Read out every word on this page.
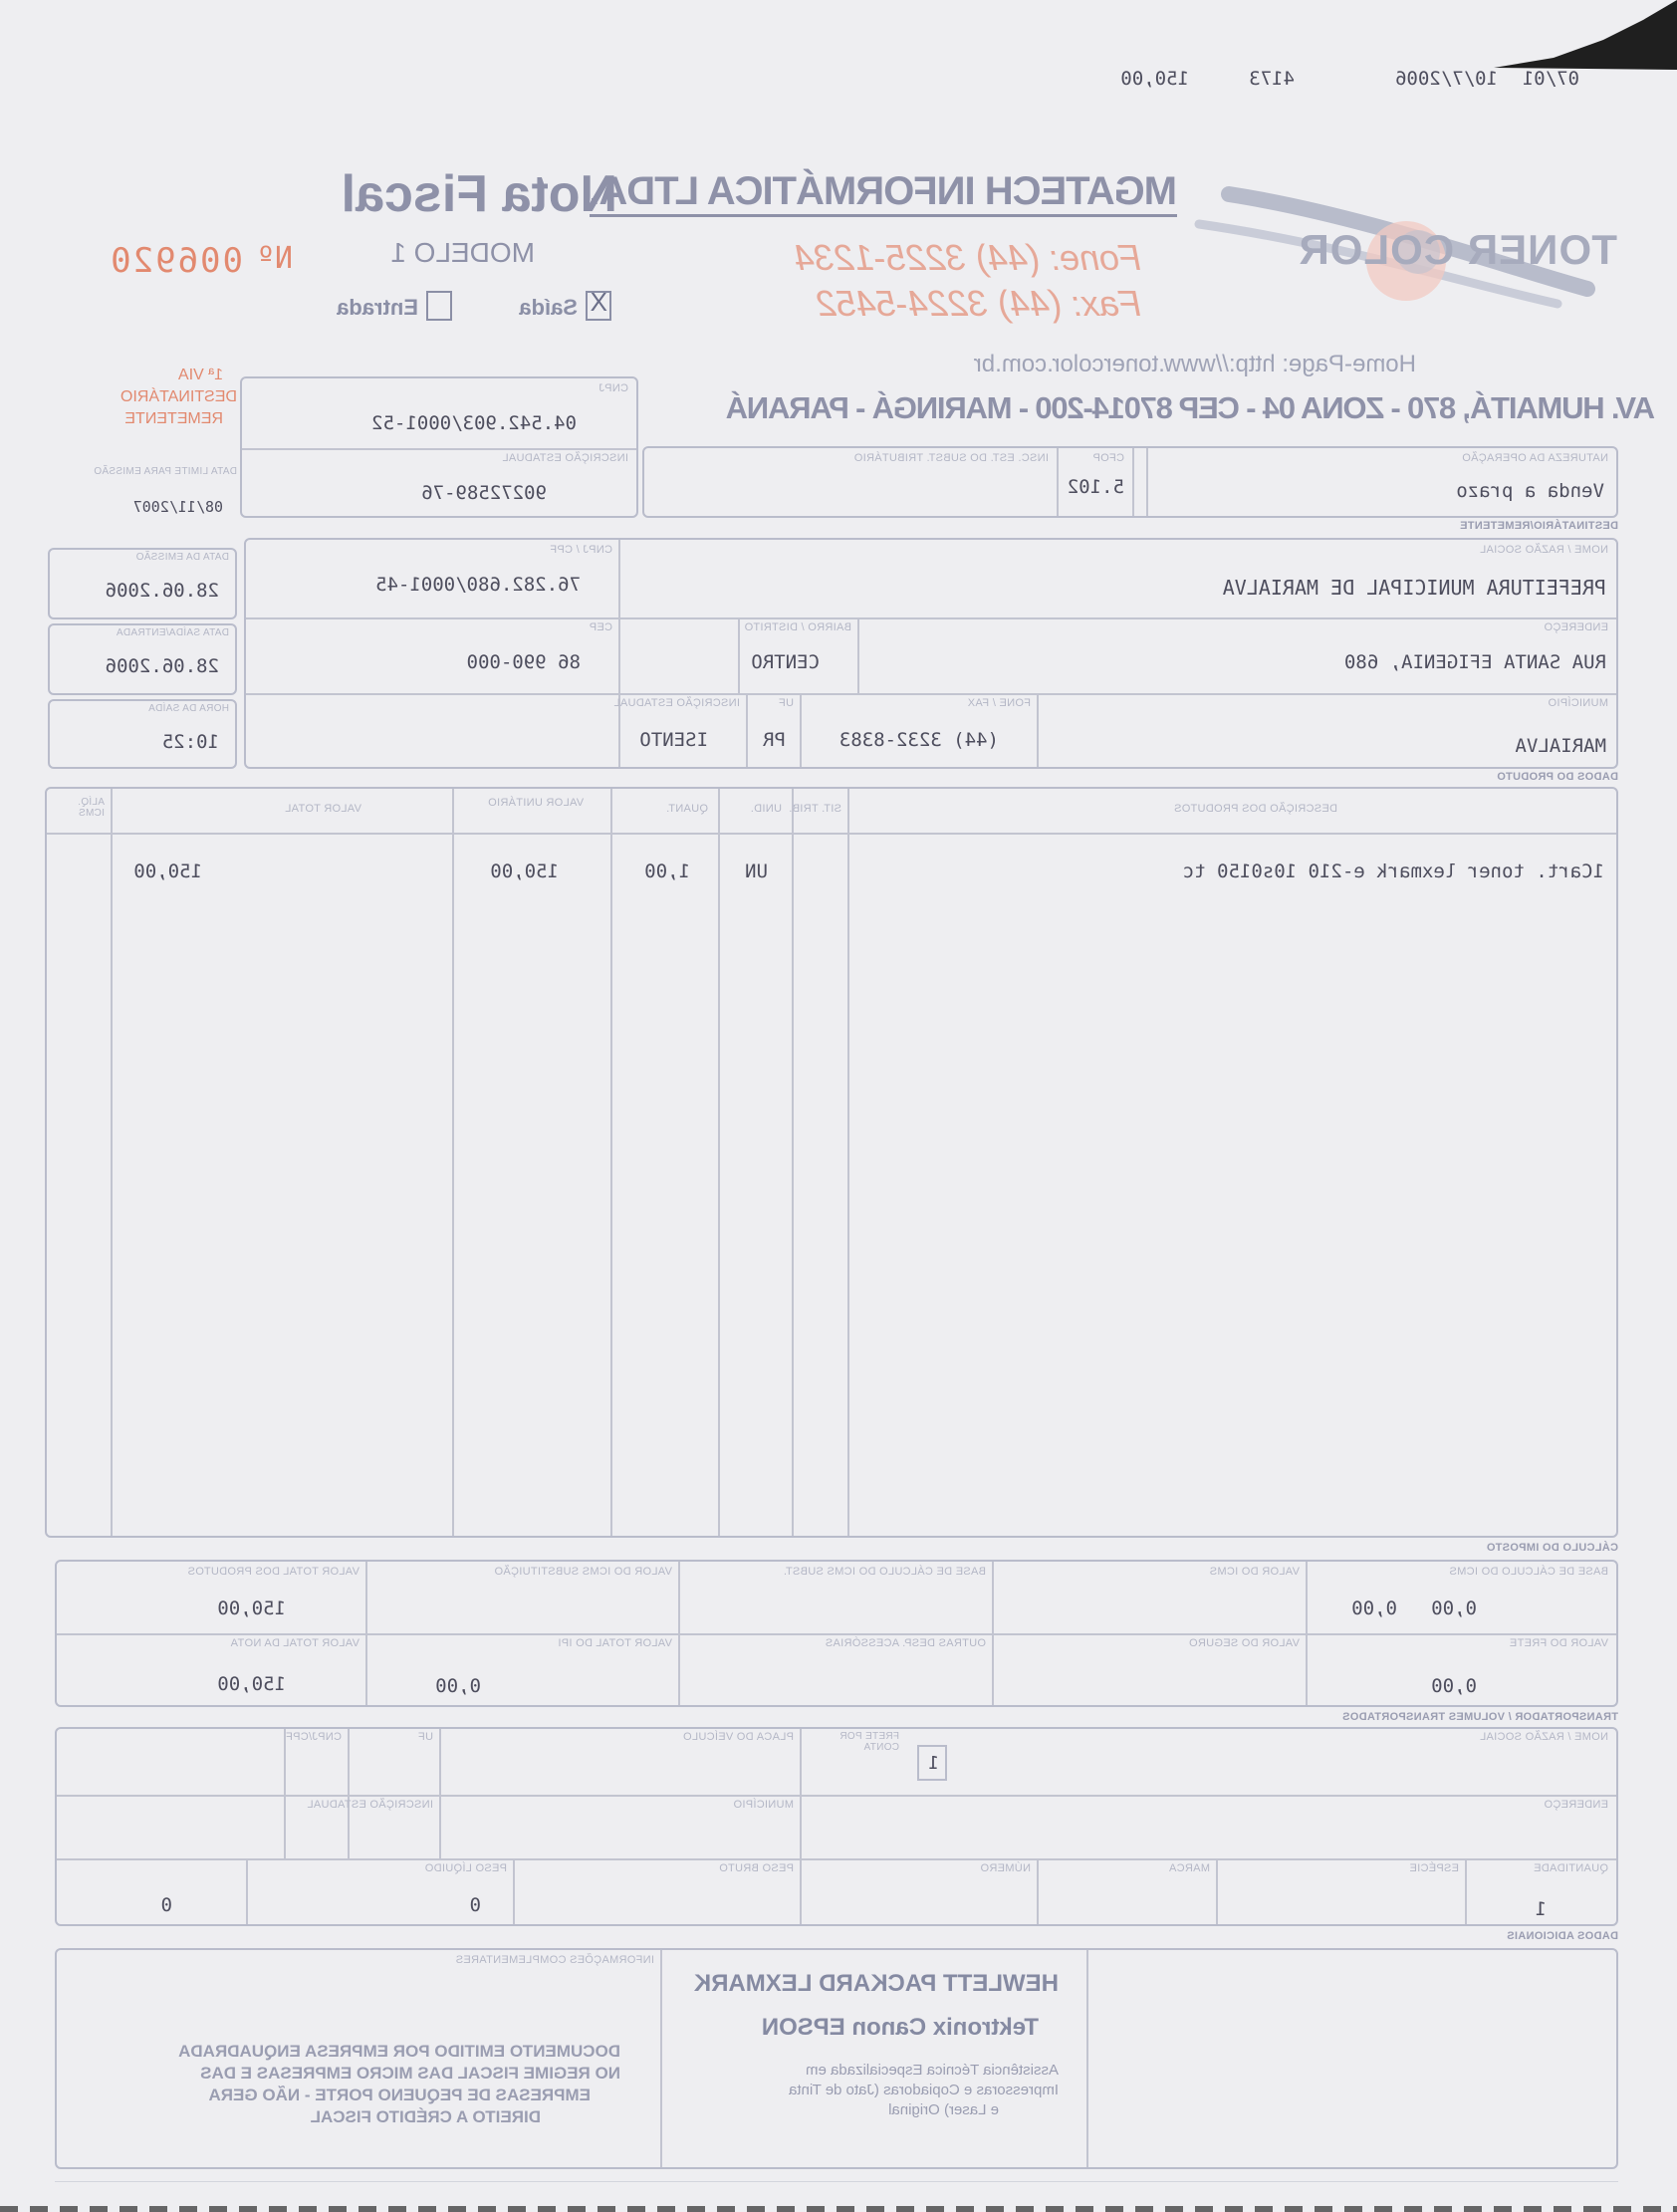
07/01
10/7/2006
4173
150,00
TONER COLOR
MGATECH INFORMÁTICA LTDA.
Fone: (44) 3225-1234
Fax: (44) 3224-5452
Home-Page: http://www.tonercolor.com.br
AV. HUMAITÁ, 870 - ZONA 04 - CEP 87014-200 - MARINGÁ - PARANÁ
Nota Fiscal
MODELO 1
Nº
006920
X
Saída
Entrada
1ª VIA
DESTINATÁRIO
REMETENTE
DATA LIMITE PARA EMISSÃO
08/11/2007
CNPJ
04.542.903/0001-52
INSCRIÇÃO ESTADUAL
90272589-76
NATUREZA DA OPERAÇÃO
Venda a prazo
CFOP
5.102
INSC. EST. DO SUBST. TRIBUTÁRIO
DESTINATÁRIO/REMETENTE
NOME / RAZÃO SOCIAL
PREFEITURA MUNICIPAL DE MARIALVA
CNPJ / CPF
76.282.680/0001-45
ENDEREÇO
RUA SANTA EFIGENIA, 680
BAIRRO / DISTRITO
CENTRO
CEP
86 990-000
MUNICÍPIO
MARIALVA
FONE / FAX
(44) 3232-8383
UF
PR
INSCRIÇÃO ESTADUAL
ISENTO
DATA DA EMISSÃO
28.06.2006
DATA SAÍDA/ENTRADA
28.06.2006
HORA DA SAÍDA
10:25
DADOS DO PRODUTO
DESCRIÇÃO DOS PRODUTOS
SIT. TRIB.
UNID.
QUANT.
VALOR UNITÁRIO
VALOR TOTAL
ALÍQ. ICMS
1Cart. toner lexmark e-210 10s0150 tc
UN
1,00
150,00
150,00
CÁLCULO DO IMPOSTO
BASE DE CÁLCULO DO ICMS
0,00
VALOR DO ICMS
0,00
BASE DE CÁLCULO DO ICMS SUBST.
VALOR DO ICMS SUBSTITUIÇÃO
VALOR TOTAL DOS PRODUTOS
150,00
VALOR DO FRETE
0,00
VALOR DO SEGURO
OUTRAS DESP. ACESSÓRIAS
VALOR TOTAL DO IPI
0,00
VALOR TOTAL DA NOTA
150,00
TRANSPORTADOR / VOLUMES TRANSPORTADOS
NOME / RAZÃO SOCIAL
FRETE POR CONTA
1
PLACA DO VEÍCULO
UF
CNPJ/CPF
ENDEREÇO
MUNICÍPIO
INSCRIÇÃO ESTADUAL
QUANTIDADE
1
ESPÉCIE
MARCA
NÚMERO
PESO BRUTO
0
PESO LÍQUIDO
0
DADOS ADICIONAIS
INFORMAÇÕES COMPLEMENTARES
HEWLETT PACKARD LEXMARK
Tektronix Canon EPSON
Assistência Técnica Especializada em
Impressoras e Copiadoras (Jato de Tinta
e Laser) Original
DOCUMENTO EMITIDO POR EMPRESA ENQUADRADA
NO REGIME FISCAL DAS MICRO EMPRESAS E DAS
EMPRESAS DE PEQUENO PORTE - NÃO GERA
DIREITO A CRÉDITO FISCAL
